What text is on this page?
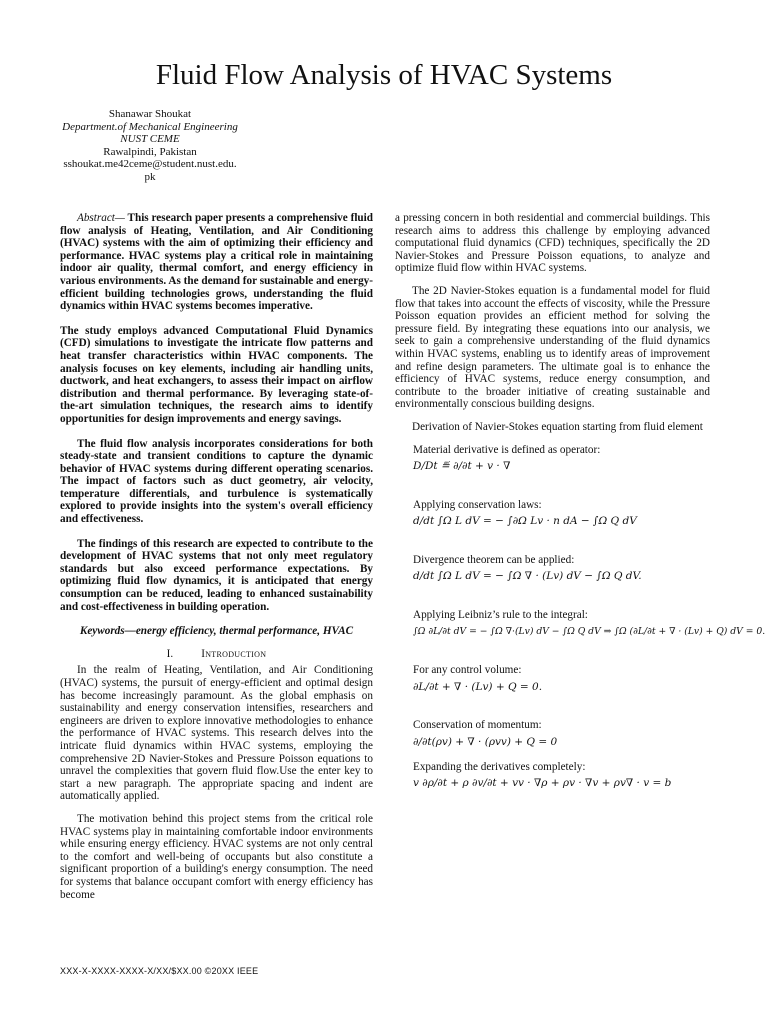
Fluid Flow Analysis of HVAC Systems
Shanawar Shoukat
Department.of Mechanical Engineering
NUST CEME
Rawalpindi, Pakistan
sshoukat.me42ceme@student.nust.edu.
pk

Abstract— This research paper presents a comprehensive fluid flow analysis of Heating, Ventilation, and Air Conditioning (HVAC) systems with the aim of optimizing their efficiency and performance. HVAC systems play a critical role in maintaining indoor air quality, thermal comfort, and energy efficiency in various environments. As the demand for sustainable and energy-efficient building technologies grows, understanding the fluid dynamics within HVAC systems becomes imperative.

The study employs advanced Computational Fluid Dynamics (CFD) simulations to investigate the intricate flow patterns and heat transfer characteristics within HVAC components. The analysis focuses on key elements, including air handling units, ductwork, and heat exchangers, to assess their impact on airflow distribution and thermal performance. By leveraging state-of-the-art simulation techniques, the research aims to identify opportunities for design improvements and energy savings.

The fluid flow analysis incorporates considerations for both steady-state and transient conditions to capture the dynamic behavior of HVAC systems during different operating scenarios. The impact of factors such as duct geometry, air velocity, temperature differentials, and turbulence is systematically explored to provide insights into the system's overall efficiency and effectiveness.

The findings of this research are expected to contribute to the development of HVAC systems that not only meet regulatory standards but also exceed performance expectations. By optimizing fluid flow dynamics, it is anticipated that energy consumption can be reduced, leading to enhanced sustainability and cost-effectiveness in building operation.

Keywords—energy efficiency, thermal performance, HVAC
I.	Introduction

In the realm of Heating, Ventilation, and Air Conditioning (HVAC) systems, the pursuit of energy-efficient and optimal design has become increasingly paramount. As the global emphasis on sustainability and energy conservation intensifies, researchers and engineers are driven to explore innovative methodologies to enhance the performance of HVAC systems. This research delves into the intricate fluid dynamics within HVAC systems, employing the comprehensive 2D Navier-Stokes and Pressure Poisson equations to unravel the complexities that govern fluid flow.Use the enter key to start a new paragraph. The appropriate spacing and indent are automatically applied.

The motivation behind this project stems from the critical role HVAC systems play in maintaining comfortable indoor environments while ensuring energy efficiency. HVAC systems are not only central to the comfort and well-being of occupants but also constitute a significant proportion of a building's energy consumption. The need for systems that balance occupant comfort with energy efficiency has become

a pressing concern in both residential and commercial buildings. This research aims to address this challenge by employing advanced computational fluid dynamics (CFD) techniques, specifically the 2D Navier-Stokes and Pressure Poisson equations, to analyze and optimize fluid flow within HVAC systems.

The 2D Navier-Stokes equation is a fundamental model for fluid flow that takes into account the effects of viscosity, while the Pressure Poisson equation provides an efficient method for solving the pressure field. By integrating these equations into our analysis, we seek to gain a comprehensive understanding of the fluid dynamics within HVAC systems, enabling us to identify areas of improvement and refine design parameters. The ultimate goal is to enhance the efficiency of HVAC systems, reduce energy consumption, and contribute to the broader initiative of creating sustainable and environmentally conscious building designs.

Derivation of Navier-Stokes equation starting from fluid element

Material derivative is defined as operator:
D/Dt ≝ ∂/∂t + v · ∇
Applying conservation laws:
d/dt ∫Ω L dV = − ∫∂Ω Lv · n dA − ∫Ω Q dV
Divergence theorem can be applied:
d/dt ∫Ω L dV = − ∫Ω ∇ · (Lv) dV − ∫Ω Q dV.
Applying Leibniz’s rule to the integral:
∫Ω ∂L/∂t dV = − ∫Ω ∇·(Lv) dV − ∫Ω Q dV ⇒ ∫Ω (∂L/∂t + ∇ · (Lv) + Q) dV = 0.
For any control volume:
∂L/∂t + ∇ · (Lv) + Q = 0.
Conservation of momentum:
∂/∂t(ρv) + ∇ · (ρvv) + Q = 0
Expanding the derivatives completely:
v ∂ρ/∂t + ρ ∂v/∂t + vv · ∇ρ + ρv · ∇v + ρv∇ · v = b
XXX-X-XXXX-XXXX-X/XX/$XX.00 ©20XX IEEE
